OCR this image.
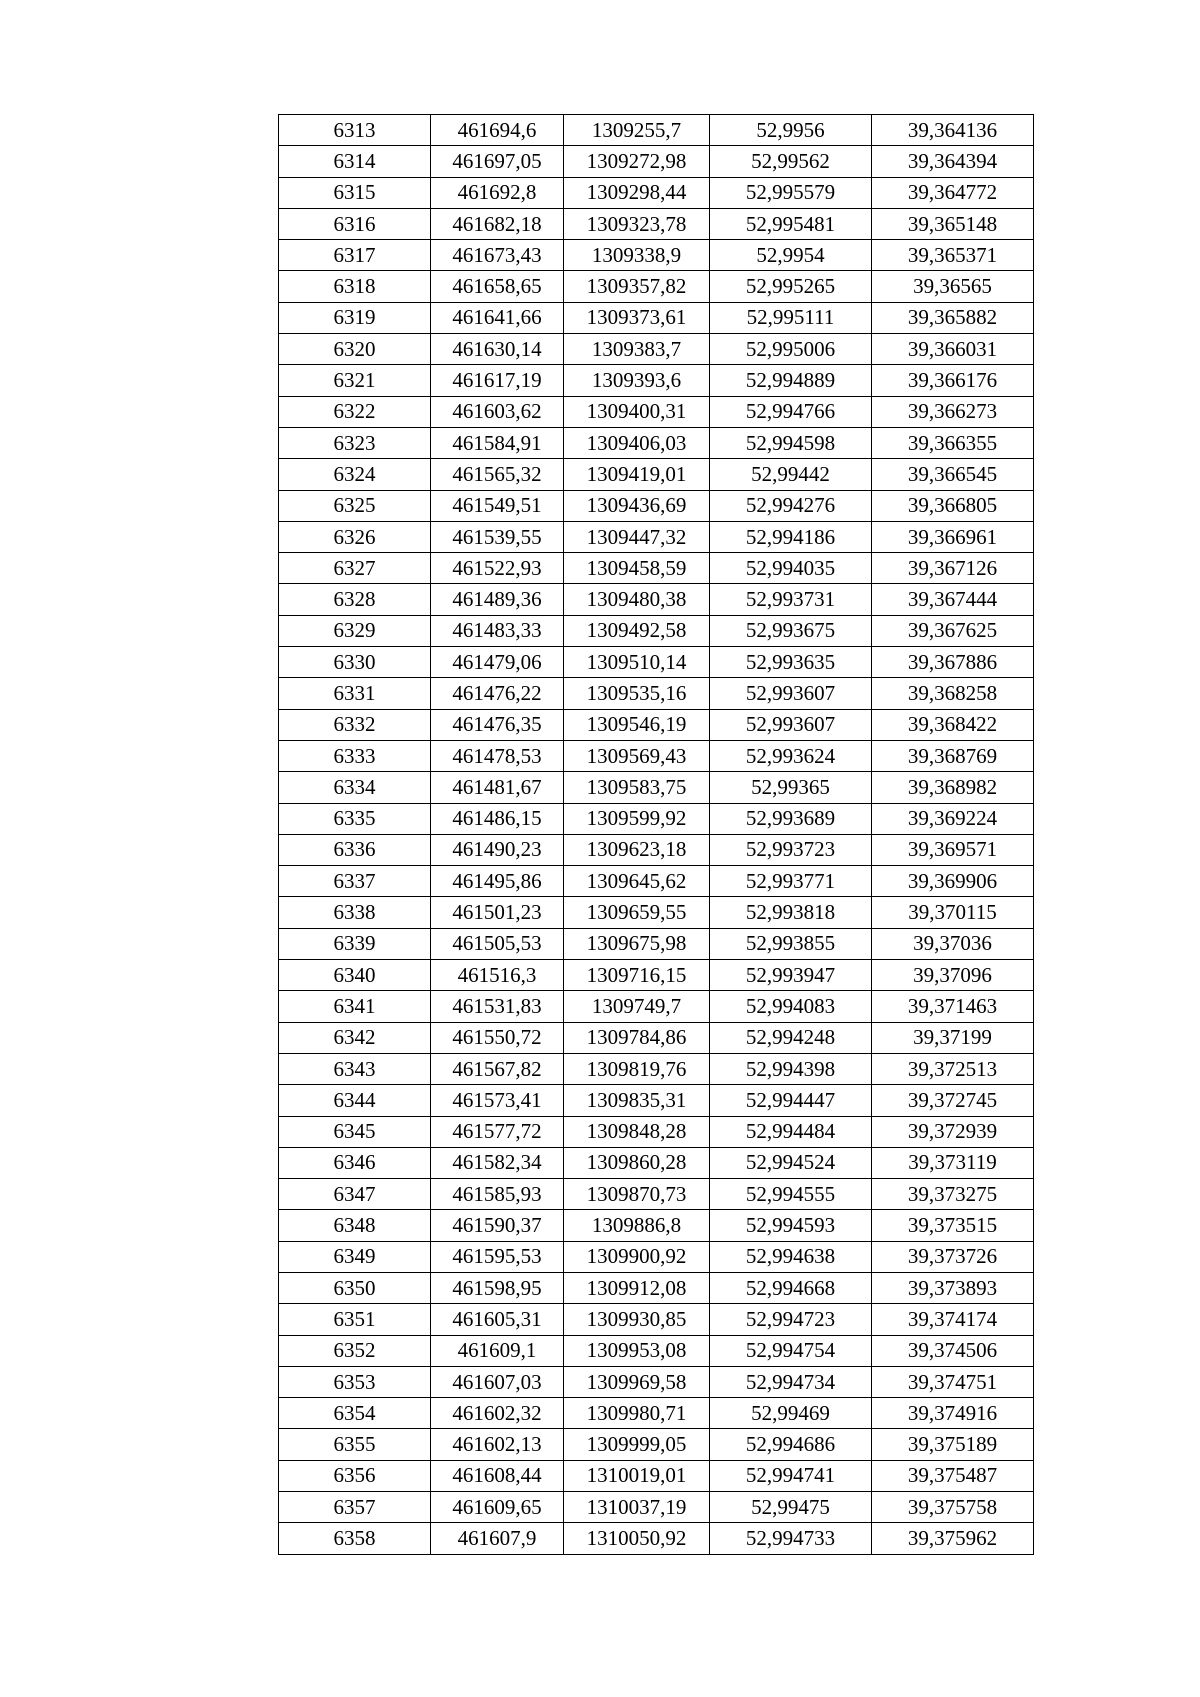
6313	461694,6	1309255,7	52,9956	39,364136
6314	461697,05	1309272,98	52,99562	39,364394
6315	461692,8	1309298,44	52,995579	39,364772
6316	461682,18	1309323,78	52,995481	39,365148
6317	461673,43	1309338,9	52,9954	39,365371
6318	461658,65	1309357,82	52,995265	39,36565
6319	461641,66	1309373,61	52,995111	39,365882
6320	461630,14	1309383,7	52,995006	39,366031
6321	461617,19	1309393,6	52,994889	39,366176
6322	461603,62	1309400,31	52,994766	39,366273
6323	461584,91	1309406,03	52,994598	39,366355
6324	461565,32	1309419,01	52,99442	39,366545
6325	461549,51	1309436,69	52,994276	39,366805
6326	461539,55	1309447,32	52,994186	39,366961
6327	461522,93	1309458,59	52,994035	39,367126
6328	461489,36	1309480,38	52,993731	39,367444
6329	461483,33	1309492,58	52,993675	39,367625
6330	461479,06	1309510,14	52,993635	39,367886
6331	461476,22	1309535,16	52,993607	39,368258
6332	461476,35	1309546,19	52,993607	39,368422
6333	461478,53	1309569,43	52,993624	39,368769
6334	461481,67	1309583,75	52,99365	39,368982
6335	461486,15	1309599,92	52,993689	39,369224
6336	461490,23	1309623,18	52,993723	39,369571
6337	461495,86	1309645,62	52,993771	39,369906
6338	461501,23	1309659,55	52,993818	39,370115
6339	461505,53	1309675,98	52,993855	39,37036
6340	461516,3	1309716,15	52,993947	39,37096
6341	461531,83	1309749,7	52,994083	39,371463
6342	461550,72	1309784,86	52,994248	39,37199
6343	461567,82	1309819,76	52,994398	39,372513
6344	461573,41	1309835,31	52,994447	39,372745
6345	461577,72	1309848,28	52,994484	39,372939
6346	461582,34	1309860,28	52,994524	39,373119
6347	461585,93	1309870,73	52,994555	39,373275
6348	461590,37	1309886,8	52,994593	39,373515
6349	461595,53	1309900,92	52,994638	39,373726
6350	461598,95	1309912,08	52,994668	39,373893
6351	461605,31	1309930,85	52,994723	39,374174
6352	461609,1	1309953,08	52,994754	39,374506
6353	461607,03	1309969,58	52,994734	39,374751
6354	461602,32	1309980,71	52,99469	39,374916
6355	461602,13	1309999,05	52,994686	39,375189
6356	461608,44	1310019,01	52,994741	39,375487
6357	461609,65	1310037,19	52,99475	39,375758
6358	461607,9	1310050,92	52,994733	39,375962
